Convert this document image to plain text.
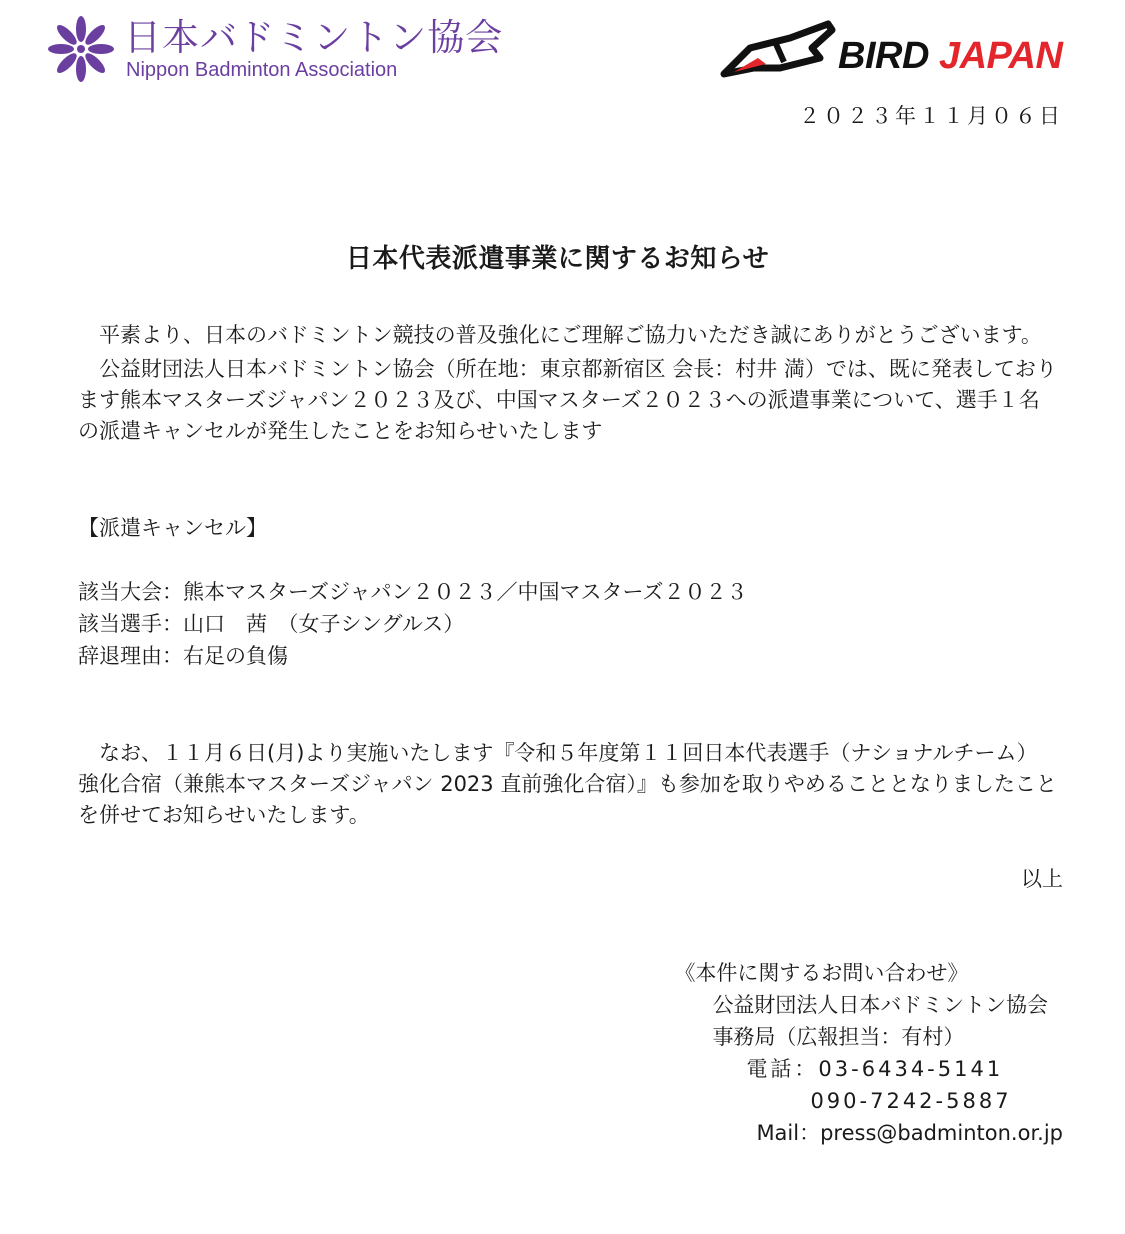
日本バドミントン協会
Nippon Badminton Association	BIRD JAPAN
２０２３年１１月０６日
日本代表派遣事業に関するお知らせ
平素より、日本のバドミントン競技の普及強化にご理解ご協力いただき誠にありがとうございます。
公益財団法人日本バドミントン協会（所在地：東京都新宿区 会長：村井 満）では、既に発表しております熊本マスターズジャパン２０２３及び、中国マスターズ２０２３への派遣事業について、選手１名の派遣キャンセルが発生したことをお知らせいたします
【派遣キャンセル】
該当大会：熊本マスターズジャパン２０２３／中国マスターズ２０２３
該当選手：山口　茜　（女子シングルス）
辞退理由：右足の負傷
なお、１１月６日(月)より実施いたします『令和５年度第１１回日本代表選手（ナショナルチーム）強化合宿（兼熊本マスターズジャパン 2023 直前強化合宿）』も参加を取りやめることとなりましたことを併せてお知らせいたします。
以上
《本件に関するお問い合わせ》
公益財団法人日本バドミントン協会
事務局（広報担当：有村）
電話：03-6434-5141
090-7242-5887
Mail：press@badminton.or.jp
